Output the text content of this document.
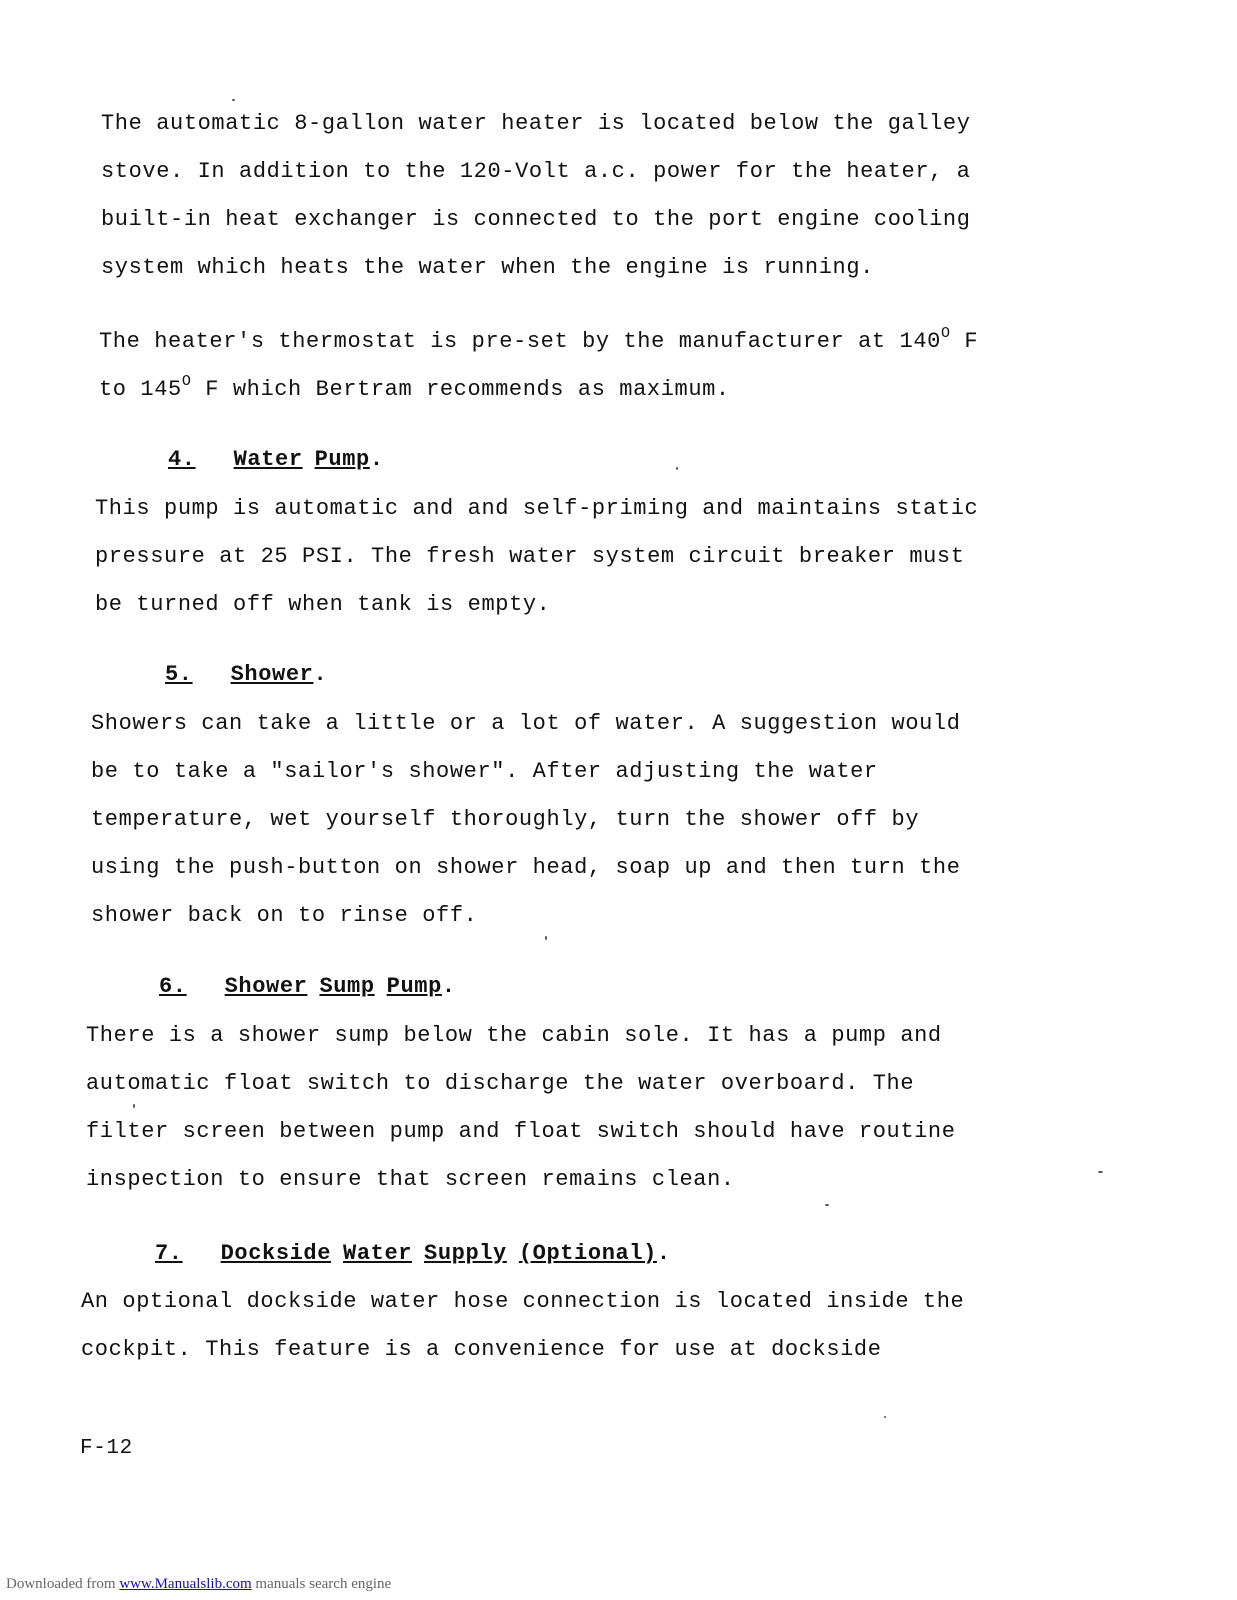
The automatic 8-gallon water heater is located below the galley
stove. In addition to the 120-Volt a.c. power for the heater, a
built-in heat exchanger is connected to the port engine cooling
system which heats the water when the engine is running.

The heater's thermostat is pre-set by the manufacturer at $140^O$ F
to $145^O$ F which Bertram recommends as maximum.

4. Water Pump.

This pump is automatic and and self-priming and maintains static
pressure at 25 PSI. The fresh water system circuit breaker must
be turned off when tank is empty.

5. Shower.

Showers can take a little or a lot of water. A suggestion would
be to take a "sailor's shower". After adjusting the water
temperature, wet yourself thoroughly, turn the shower off by
using the push-button on shower head, soap up and then turn the
shower back on to rinse off.

6. Shower Sump Pump.

There is a shower sump below the cabin sole. It has a pump and
automatic float switch to discharge the water overboard. The
filter screen between pump and float switch should have routine
inspection to ensure that screen remains clean.

7. Dockside Water Supply (Optional).

An optional dockside water hose connection is located inside the
cockpit. This feature is a convenience for use at dockside

F-12
Downloaded from www.Manualslib.com manuals search engine
